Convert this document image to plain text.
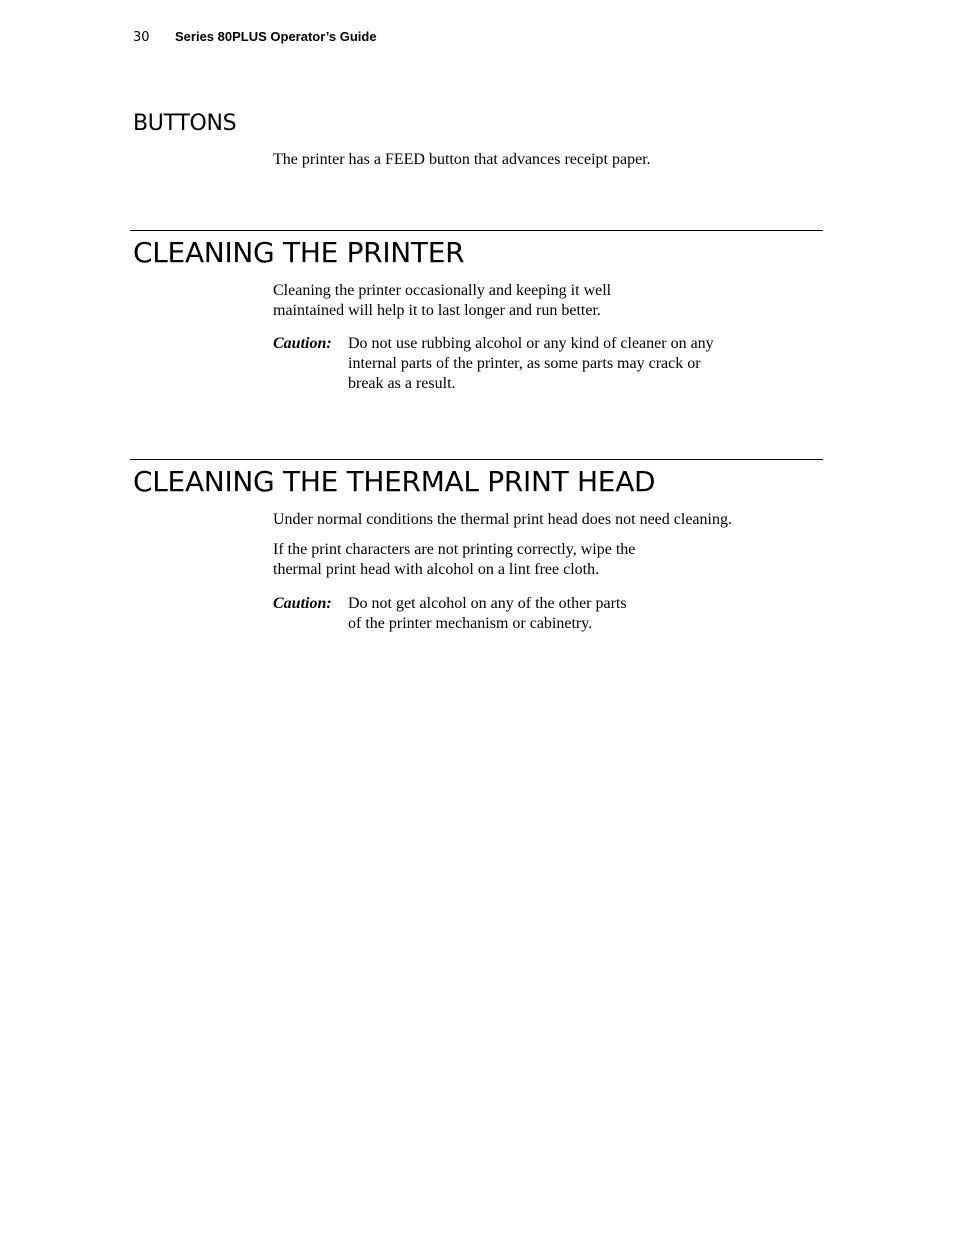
30 Series 80PLUS Operator’s Guide
BUTTONS

The printer has a FEED button that advances receipt paper.

CLEANING THE PRINTER
Cleaning the printer occasionally and keeping it well
maintained will help it to last longer and run better.
Caution: Do not use rubbing alcohol or any kind of cleaner on any
internal parts of the printer, as some parts may crack or
break as a result.
CLEANING THE THERMAL PRINT HEAD

Under normal conditions the thermal print head does not need cleaning.

If the print characters are not printing correctly, wipe the
thermal print head with alcohol on a lint free cloth.
Caution: Do not get alcohol on any of the other parts
of the printer mechanism or cabinetry.
